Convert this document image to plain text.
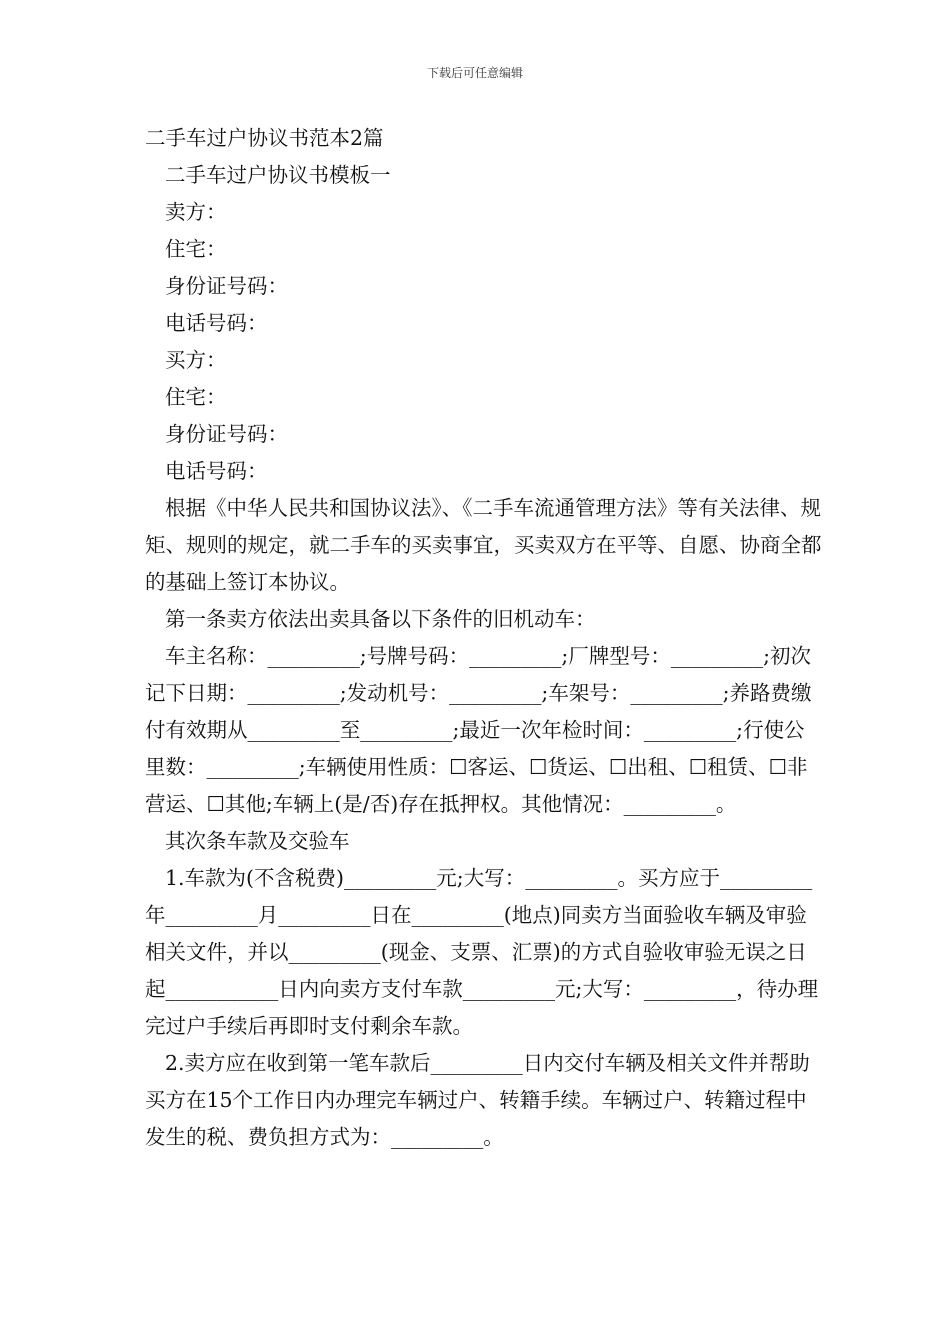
下载后可任意编辑

二手车过户协议书范本2篇

二手车过户协议书模板一

卖方：

住宅：

身份证号码：

电话号码：

买方：

住宅：

身份证号码：

电话号码：

根据《中华人民共和国协议法》、《二手车流通管理方法》等有关法律、规矩、规则的规定，就二手车的买卖事宜，买卖双方在平等、自愿、协商全都的基础上签订本协议。

第一条卖方依法出卖具备以下条件的旧机动车：

车主名称：_________;号牌号码：_________;厂牌型号：_________;初次记下日期：_________;发动机号：_________;车架号：_________;养路费缴付有效期从_________至_________;最近一次年检时间：_________;行使公里数：_________;车辆使用性质：☐客运、☐货运、☐出租、☐租赁、☐非营运、☐其他;车辆上(是/否)存在抵押权。其他情况：_________。

其次条车款及交验车

1.车款为(不含税费)_________元;大写：_________。买方应于_________年_________月_________日在_________(地点)同卖方当面验收车辆及审验相关文件，并以_________(现金、支票、汇票)的方式自验收审验无误之日起___________日内向卖方支付车款_________元;大写：_________，待办理完过户手续后再即时支付剩余车款。

2.卖方应在收到第一笔车款后_________日内交付车辆及相关文件并帮助买方在15个工作日内办理完车辆过户、转籍手续。车辆过户、转籍过程中发生的税、费负担方式为：_________。
